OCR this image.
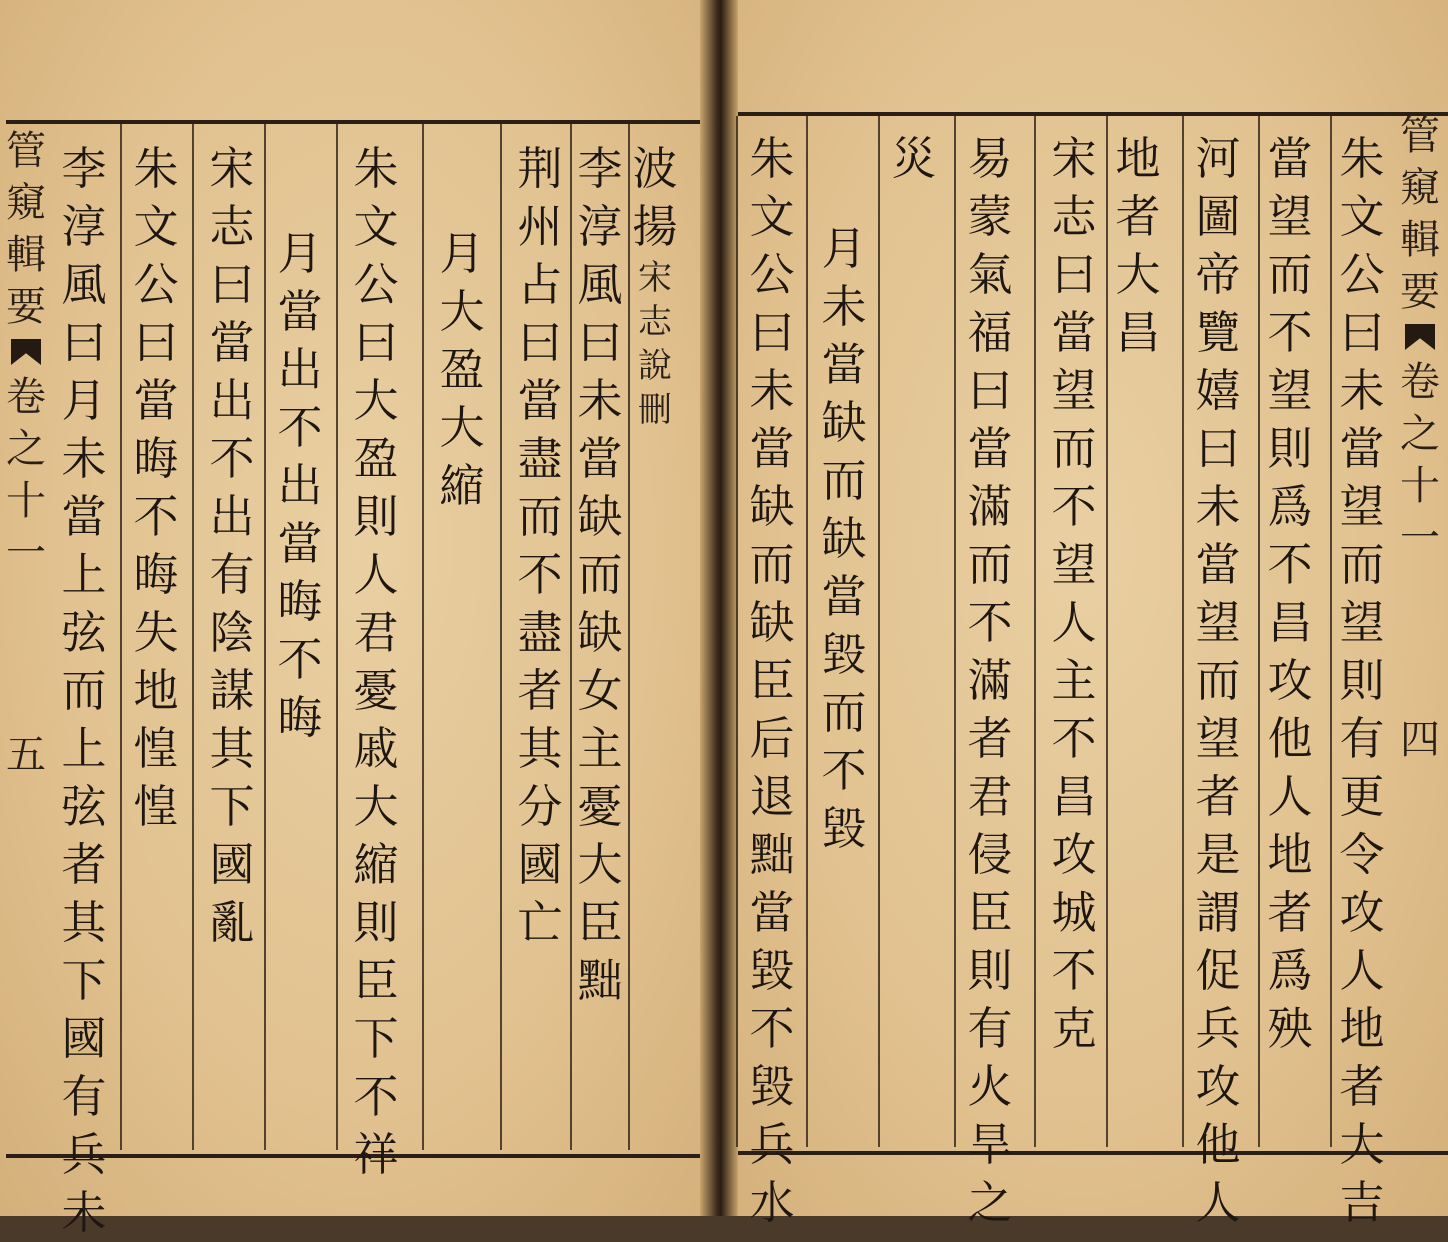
管
窺
輯
要
卷
之
十
一
五
管
窺
輯
要
卷
之
十
一
四
波
揚
宋
志
說
刪
李
淳
風
曰
未
當
缺
而
缺
女
主
憂
大
臣
黜
荆
州
占
曰
當
盡
而
不
盡
者
其
分
國
亡
月
大
盈
大
縮
朱
文
公
曰
大
盈
則
人
君
憂
戚
大
縮
則
臣
下
不
祥
月
當
出
不
出
當
晦
不
晦
宋
志
曰
當
出
不
出
有
陰
謀
其
下
國
亂
朱
文
公
曰
當
晦
不
晦
失
地
惶
惶
李
淳
風
曰
月
未
當
上
弦
而
上
弦
者
其
下
國
有
兵
未
朱
文
公
曰
未
當
望
而
望
則
有
更
令
攻
人
地
者
大
吉
當
望
而
不
望
則
爲
不
昌
攻
他
人
地
者
爲
殃
河
圖
帝
覽
嬉
曰
未
當
望
而
望
者
是
謂
促
兵
攻
他
人
地
者
大
昌
宋
志
曰
當
望
而
不
望
人
主
不
昌
攻
城
不
克
易
蒙
氣
福
曰
當
滿
而
不
滿
者
君
侵
臣
則
有
火
旱
之
災
月
未
當
缺
而
缺
當
毀
而
不
毀
朱
文
公
曰
未
當
缺
而
缺
臣
后
退
黜
當
毀
不
毀
兵
水
